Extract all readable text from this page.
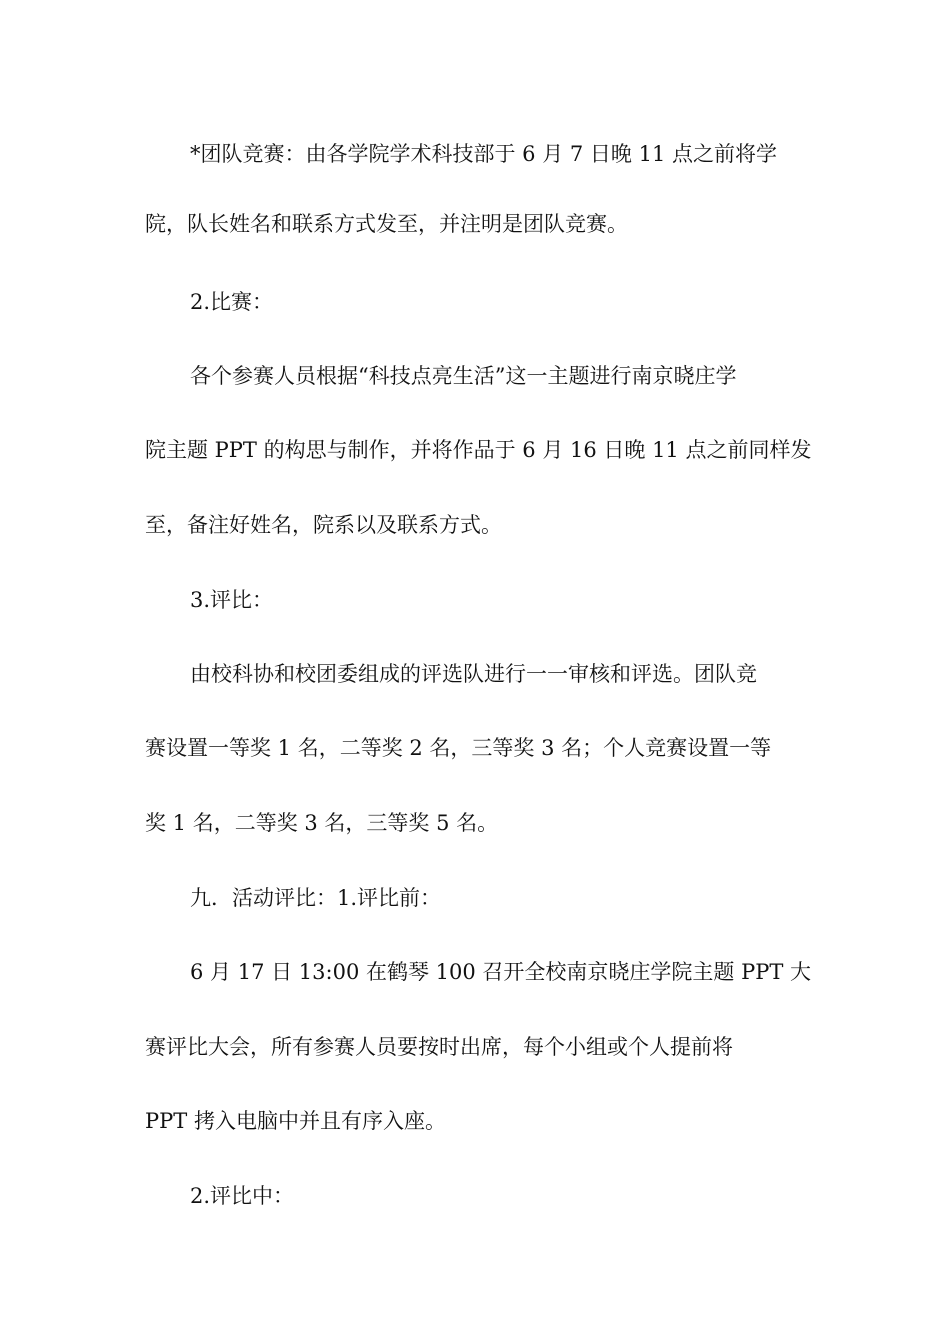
*团队竞赛：由各学院学术科技部于 6 月 7 日晚 11 点之前将学
院，队长姓名和联系方式发至，并注明是团队竞赛。
2.比赛：
各个参赛人员根据“科技点亮生活”这一主题进行南京晓庄学
院主题 PPT 的构思与制作，并将作品于 6 月 16 日晚 11 点之前同样发
至，备注好姓名，院系以及联系方式。
3.评比：
由校科协和校团委组成的评选队进行一一审核和评选。团队竞
赛设置一等奖 1 名，二等奖 2 名，三等奖 3 名；个人竞赛设置一等
奖 1 名，二等奖 3 名，三等奖 5 名。
九．活动评比：1.评比前：
6 月 17 日 13:00 在鹤琴 100 召开全校南京晓庄学院主题 PPT 大
赛评比大会，所有参赛人员要按时出席，每个小组或个人提前将
PPT 拷入电脑中并且有序入座。
2.评比中：
